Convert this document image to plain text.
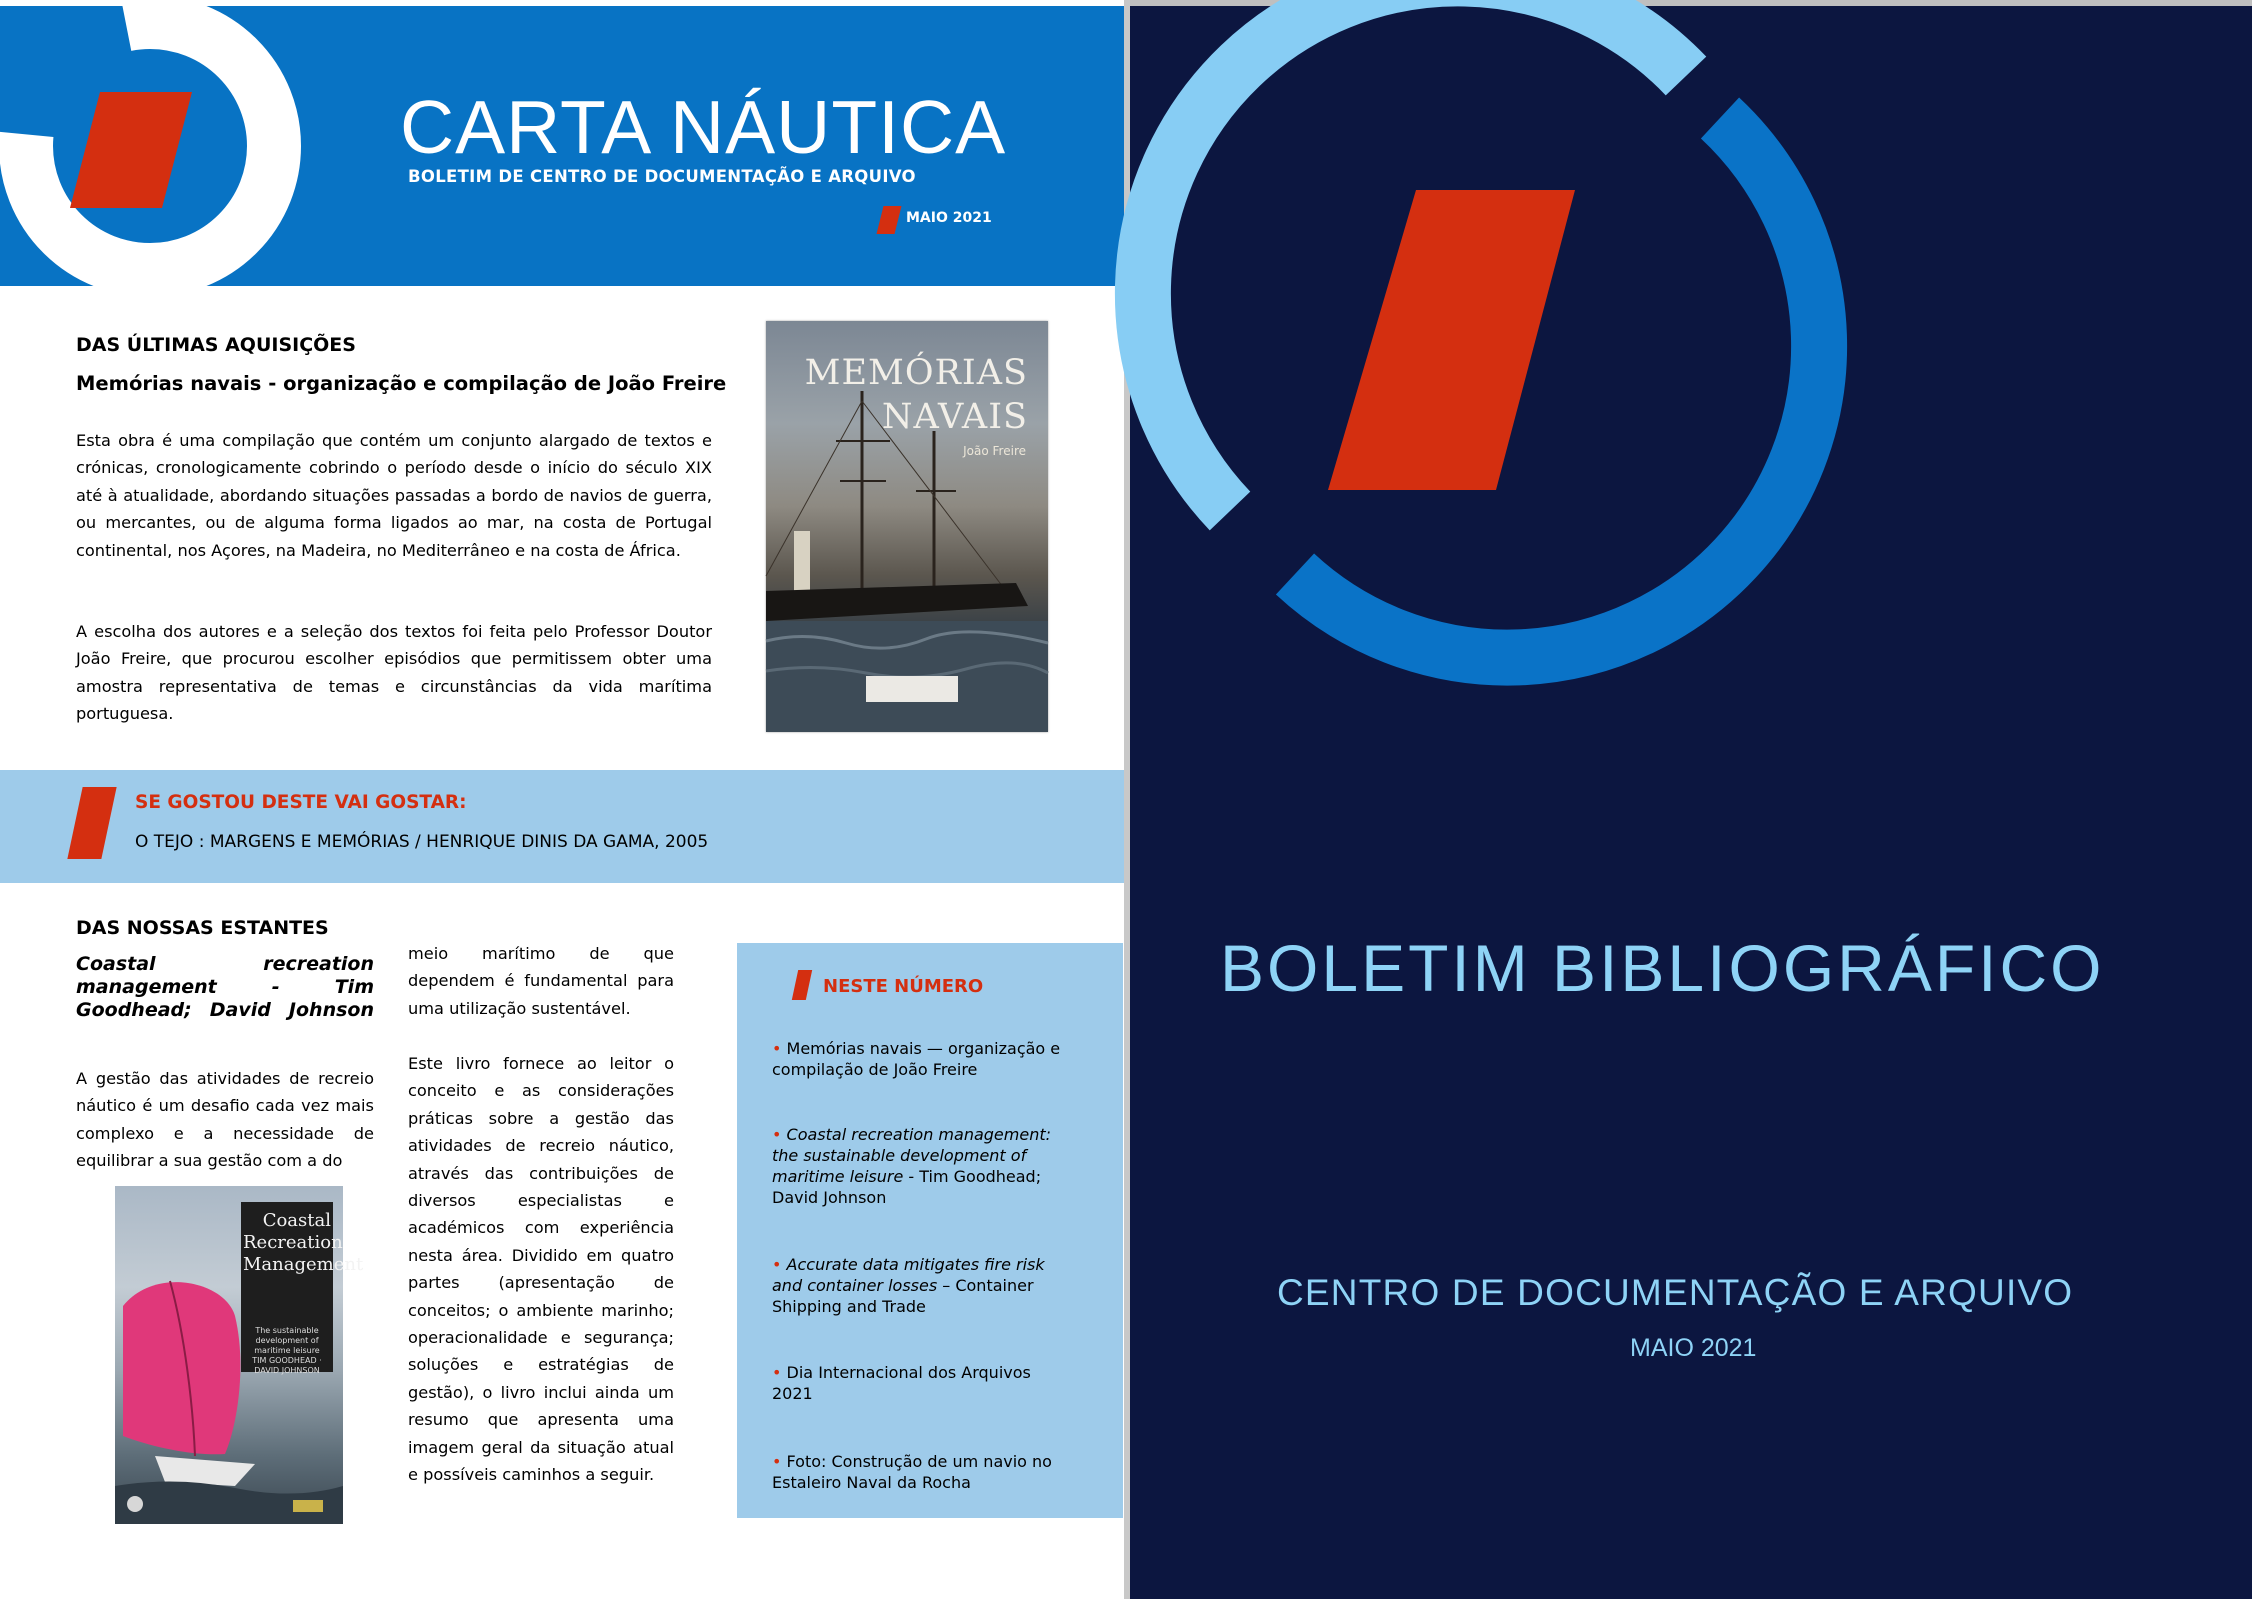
CARTA NÁUTICA
BOLETIM DE CENTRO DE DOCUMENTAÇÃO E ARQUIVO
MAIO 2021
DAS ÚLTIMAS AQUISIÇÕES
Memórias navais - organização e compilação de João Freire

Esta obra é uma compilação que contém um conjunto alargado de textos e crónicas, cronologicamente cobrindo o período desde o início do século XIX até à atualidade, abordando situações passadas a bordo de navios de guerra, ou mercantes, ou de alguma forma ligados ao mar, na costa de Portugal continental, nos Açores, na Madeira, no Mediterrâneo e na costa de África.

A escolha dos autores e a seleção dos textos foi feita pelo Professor Doutor João Freire, que procurou escolher episódios que permitissem obter uma amostra representativa de temas e circunstâncias da vida marítima portuguesa.

MEMÓRIAS
NAVAIS
João Freire
SE GOSTOU DESTE VAI GOSTAR:
O TEJO : MARGENS E MEMÓRIAS / HENRIQUE DINIS DA GAMA, 2005
DAS NOSSAS ESTANTES

Coastal recreation management - Tim Goodhead; David Johnson

A gestão das atividades de recreio náutico é um desafio cada vez mais complexo e a necessidade de equilibrar a sua gestão com a do

Coastal Recreation Management
The sustainable development of maritime leisure
TIM GOODHEAD · DAVID JOHNSON

meio marítimo de que dependem é fundamental para uma utilização sustentável.

Este livro fornece ao leitor o conceito e as considerações práticas sobre a gestão das atividades de recreio náutico, através das contribuições de diversos especialistas e académicos com experiência nesta área. Dividido em quatro partes (apresentação de conceitos; o ambiente marinho; operacionalidade e segurança; soluções e estratégias de gestão), o livro inclui ainda um resumo que apresenta uma imagem geral da situação atual e possíveis caminhos a seguir.

NESTE NÚMERO

• Memórias navais — organização e compilação de João Freire

• Coastal recreation management: the sustainable development of maritime leisure - Tim Goodhead; David Johnson

• Accurate data mitigates fire risk and container losses – Container Shipping and Trade

• Dia Internacional dos Arquivos 2021

• Foto: Construção de um navio no Estaleiro Naval da Rocha

BOLETIM BIBLIOGRÁFICO
CENTRO DE DOCUMENTAÇÃO E ARQUIVO
MAIO 2021
